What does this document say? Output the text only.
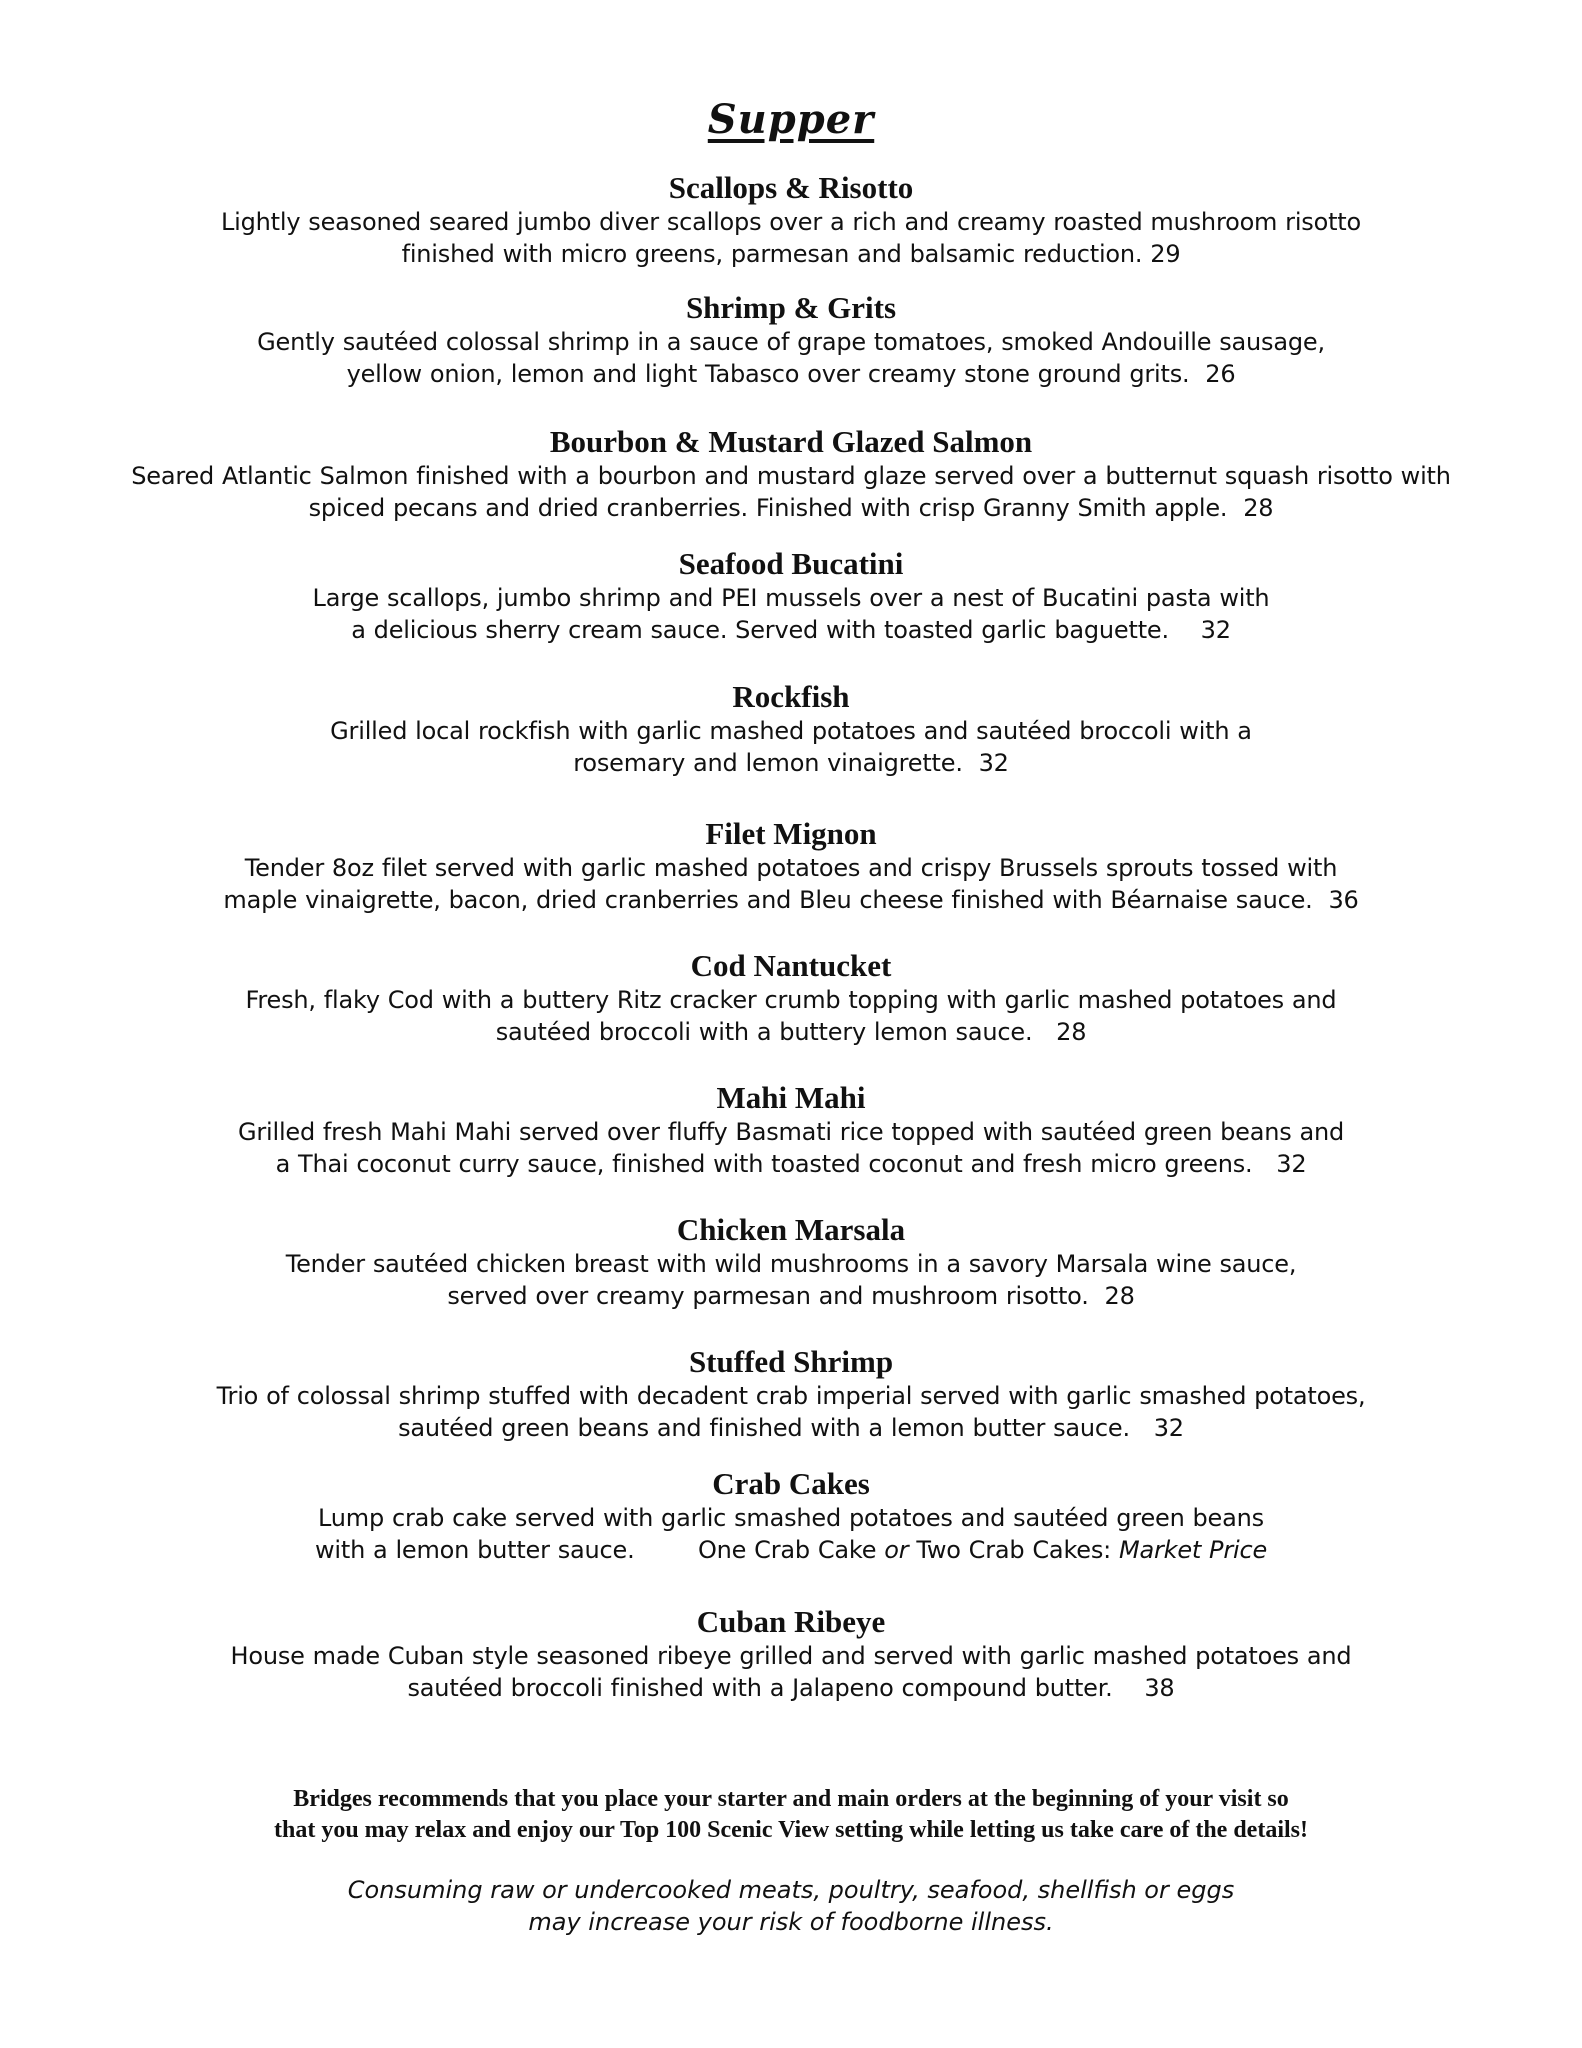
Supper

Scallops & Risotto

Lightly seasoned seared jumbo diver scallops over a rich and creamy roasted mushroom risotto
finished with micro greens, parmesan and balsamic reduction. 29

Shrimp & Grits

Gently sautéed colossal shrimp in a sauce of grape tomatoes, smoked Andouille sausage,
yellow onion, lemon and light Tabasco over creamy stone ground grits.  26

Bourbon & Mustard Glazed Salmon

Seared Atlantic Salmon finished with a bourbon and mustard glaze served over a butternut squash risotto with
spiced pecans and dried cranberries. Finished with crisp Granny Smith apple.  28

Seafood Bucatini

Large scallops, jumbo shrimp and PEI mussels over a nest of Bucatini pasta with
a delicious sherry cream sauce. Served with toasted garlic baguette.    32

Rockfish

Grilled local rockfish with garlic mashed potatoes and sautéed broccoli with a
rosemary and lemon vinaigrette.  32

Filet Mignon

Tender 8oz filet served with garlic mashed potatoes and crispy Brussels sprouts tossed with
maple vinaigrette, bacon, dried cranberries and Bleu cheese finished with Béarnaise sauce.  36

Cod Nantucket

Fresh, flaky Cod with a buttery Ritz cracker crumb topping with garlic mashed potatoes and
sautéed broccoli with a buttery lemon sauce.   28

Mahi Mahi

Grilled fresh Mahi Mahi served over fluffy Basmati rice topped with sautéed green beans and
a Thai coconut curry sauce, finished with toasted coconut and fresh micro greens.   32

Chicken Marsala

Tender sautéed chicken breast with wild mushrooms in a savory Marsala wine sauce,
served over creamy parmesan and mushroom risotto.  28

Stuffed Shrimp

Trio of colossal shrimp stuffed with decadent crab imperial served with garlic smashed potatoes,
sautéed green beans and finished with a lemon butter sauce.   32

Crab Cakes

Lump crab cake served with garlic smashed potatoes and sautéed green beans
with a lemon butter sauce.        One Crab Cake or Two Crab Cakes: Market Price

Cuban Ribeye

House made Cuban style seasoned ribeye grilled and served with garlic mashed potatoes and
sautéed broccoli finished with a Jalapeno compound butter.    38

Bridges recommends that you place your starter and main orders at the beginning of your visit so
that you may relax and enjoy our Top 100 Scenic View setting while letting us take care of the details!
Consuming raw or undercooked meats, poultry, seafood, shellfish or eggs
may increase your risk of foodborne illness.
